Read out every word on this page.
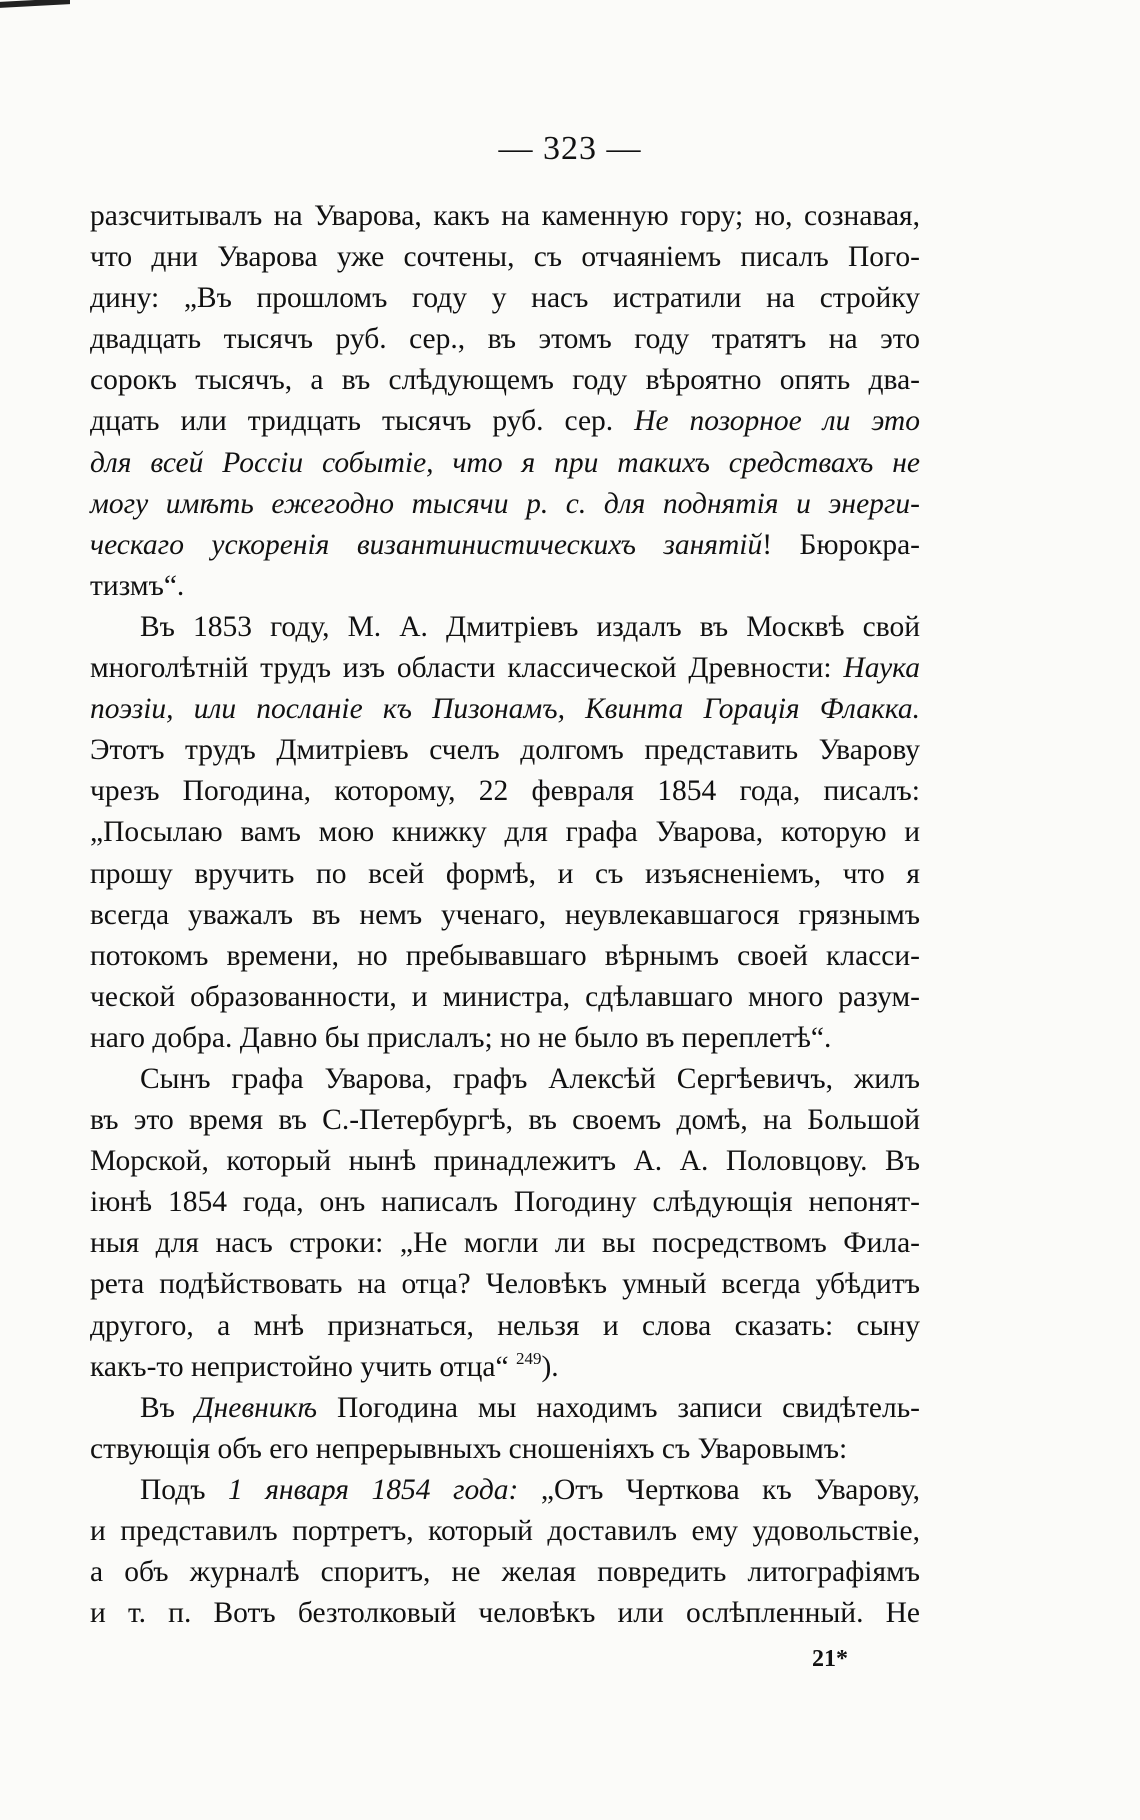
— 323 —

разсчитывалъ на Уварова, какъ на каменную гору; но, сознавая,
что дни Уварова уже сочтены, съ отчаяніемъ писалъ Пого-
дину: „Въ прошломъ году у насъ истратили на стройку
двадцать тысячъ руб. сер., въ этомъ году тратятъ на это
сорокъ тысячъ, а въ слѣдующемъ году вѣроятно опять два-
дцать или тридцать тысячъ руб. сер. Не позорное ли это
для всей Россіи событіе, что я при такихъ средствахъ не
могу имѣть ежегодно тысячи р. с. для поднятія и энерги-
ческаго ускоренія византинистическихъ занятій! Бюрокра-
тизмъ“.

Въ 1853 году, М. А. Дмитріевъ издалъ въ Москвѣ свой
многолѣтній трудъ изъ области классической Древности: Наука
поэзіи, или посланіе къ Пизонамъ, Квинта Горація Флакка.
Этотъ трудъ Дмитріевъ счелъ долгомъ представить Уварову
чрезъ Погодина, которому, 22 февраля 1854 года, писалъ:
„Посылаю вамъ мою книжку для графа Уварова, которую и
прошу вручить по всей формѣ, и съ изъясненіемъ, что я
всегда уважалъ въ немъ ученаго, неувлекавшагося грязнымъ
потокомъ времени, но пребывавшаго вѣрнымъ своей класси-
ческой образованности, и министра, сдѣлавшаго много разум-
наго добра. Давно бы прислалъ; но не было въ переплетѣ“.

Сынъ графа Уварова, графъ Алексѣй Сергѣевичъ, жилъ
въ это время въ С.-Петербургѣ, въ своемъ домѣ, на Большой
Морской, который нынѣ принадлежитъ А. А. Половцову. Въ
іюнѣ 1854 года, онъ написалъ Погодину слѣдующія непонят-
ныя для насъ строки: „Не могли ли вы посредствомъ Фила-
рета подѣйствовать на отца? Человѣкъ умный всегда убѣдитъ
другого, а мнѣ признаться, нельзя и слова сказать: сыну
какъ-то непристойно учить отца“ $^{249}$).

Въ Дневникѣ Погодина мы находимъ записи свидѣтель-
ствующія объ его непрерывныхъ сношеніяхъ съ Уваровымъ:

Подъ 1 января 1854 года: „Отъ Черткова къ Уварову,
и представилъ портретъ, который доставилъ ему удовольствіе,
а объ журналѣ споритъ, не желая повредить литографіямъ
и т. п. Вотъ безтолковый человѣкъ или ослѣпленный. Не

21*
